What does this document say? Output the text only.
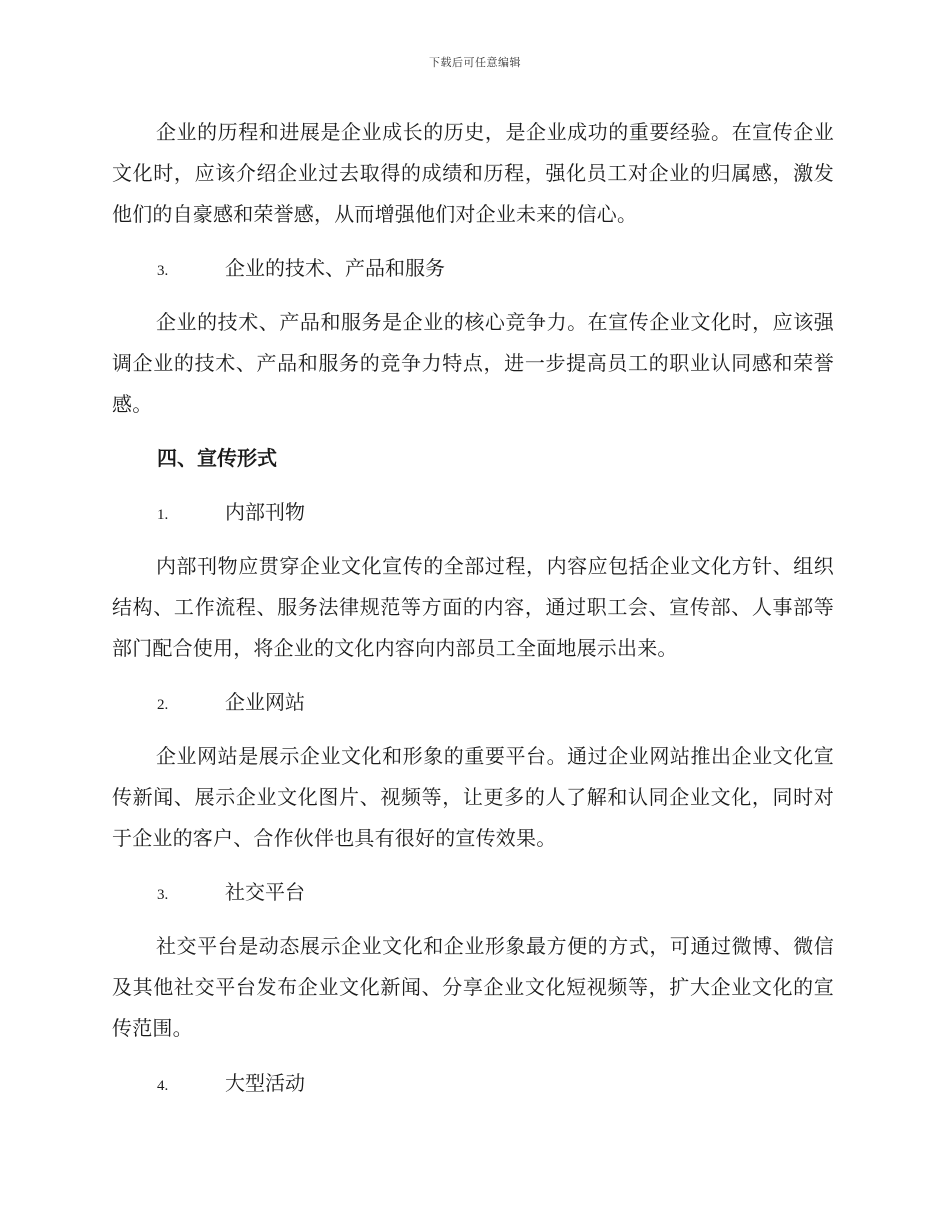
下载后可任意编辑

企业的历程和进展是企业成长的历史，是企业成功的重要经验。在宣传企业文化时，应该介绍企业过去取得的成绩和历程，强化员工对企业的归属感，激发他们的自豪感和荣誉感，从而增强他们对企业未来的信心。

3.	企业的技术、产品和服务

企业的技术、产品和服务是企业的核心竞争力。在宣传企业文化时，应该强调企业的技术、产品和服务的竞争力特点，进一步提高员工的职业认同感和荣誉感。

四、宣传形式
1.	内部刊物

内部刊物应贯穿企业文化宣传的全部过程，内容应包括企业文化方针、组织结构、工作流程、服务法律规范等方面的内容，通过职工会、宣传部、人事部等部门配合使用，将企业的文化内容向内部员工全面地展示出来。

2.	企业网站

企业网站是展示企业文化和形象的重要平台。通过企业网站推出企业文化宣传新闻、展示企业文化图片、视频等，让更多的人了解和认同企业文化，同时对于企业的客户、合作伙伴也具有很好的宣传效果。

3.	社交平台

社交平台是动态展示企业文化和企业形象最方便的方式，可通过微博、微信及其他社交平台发布企业文化新闻、分享企业文化短视频等，扩大企业文化的宣传范围。

4.	大型活动
